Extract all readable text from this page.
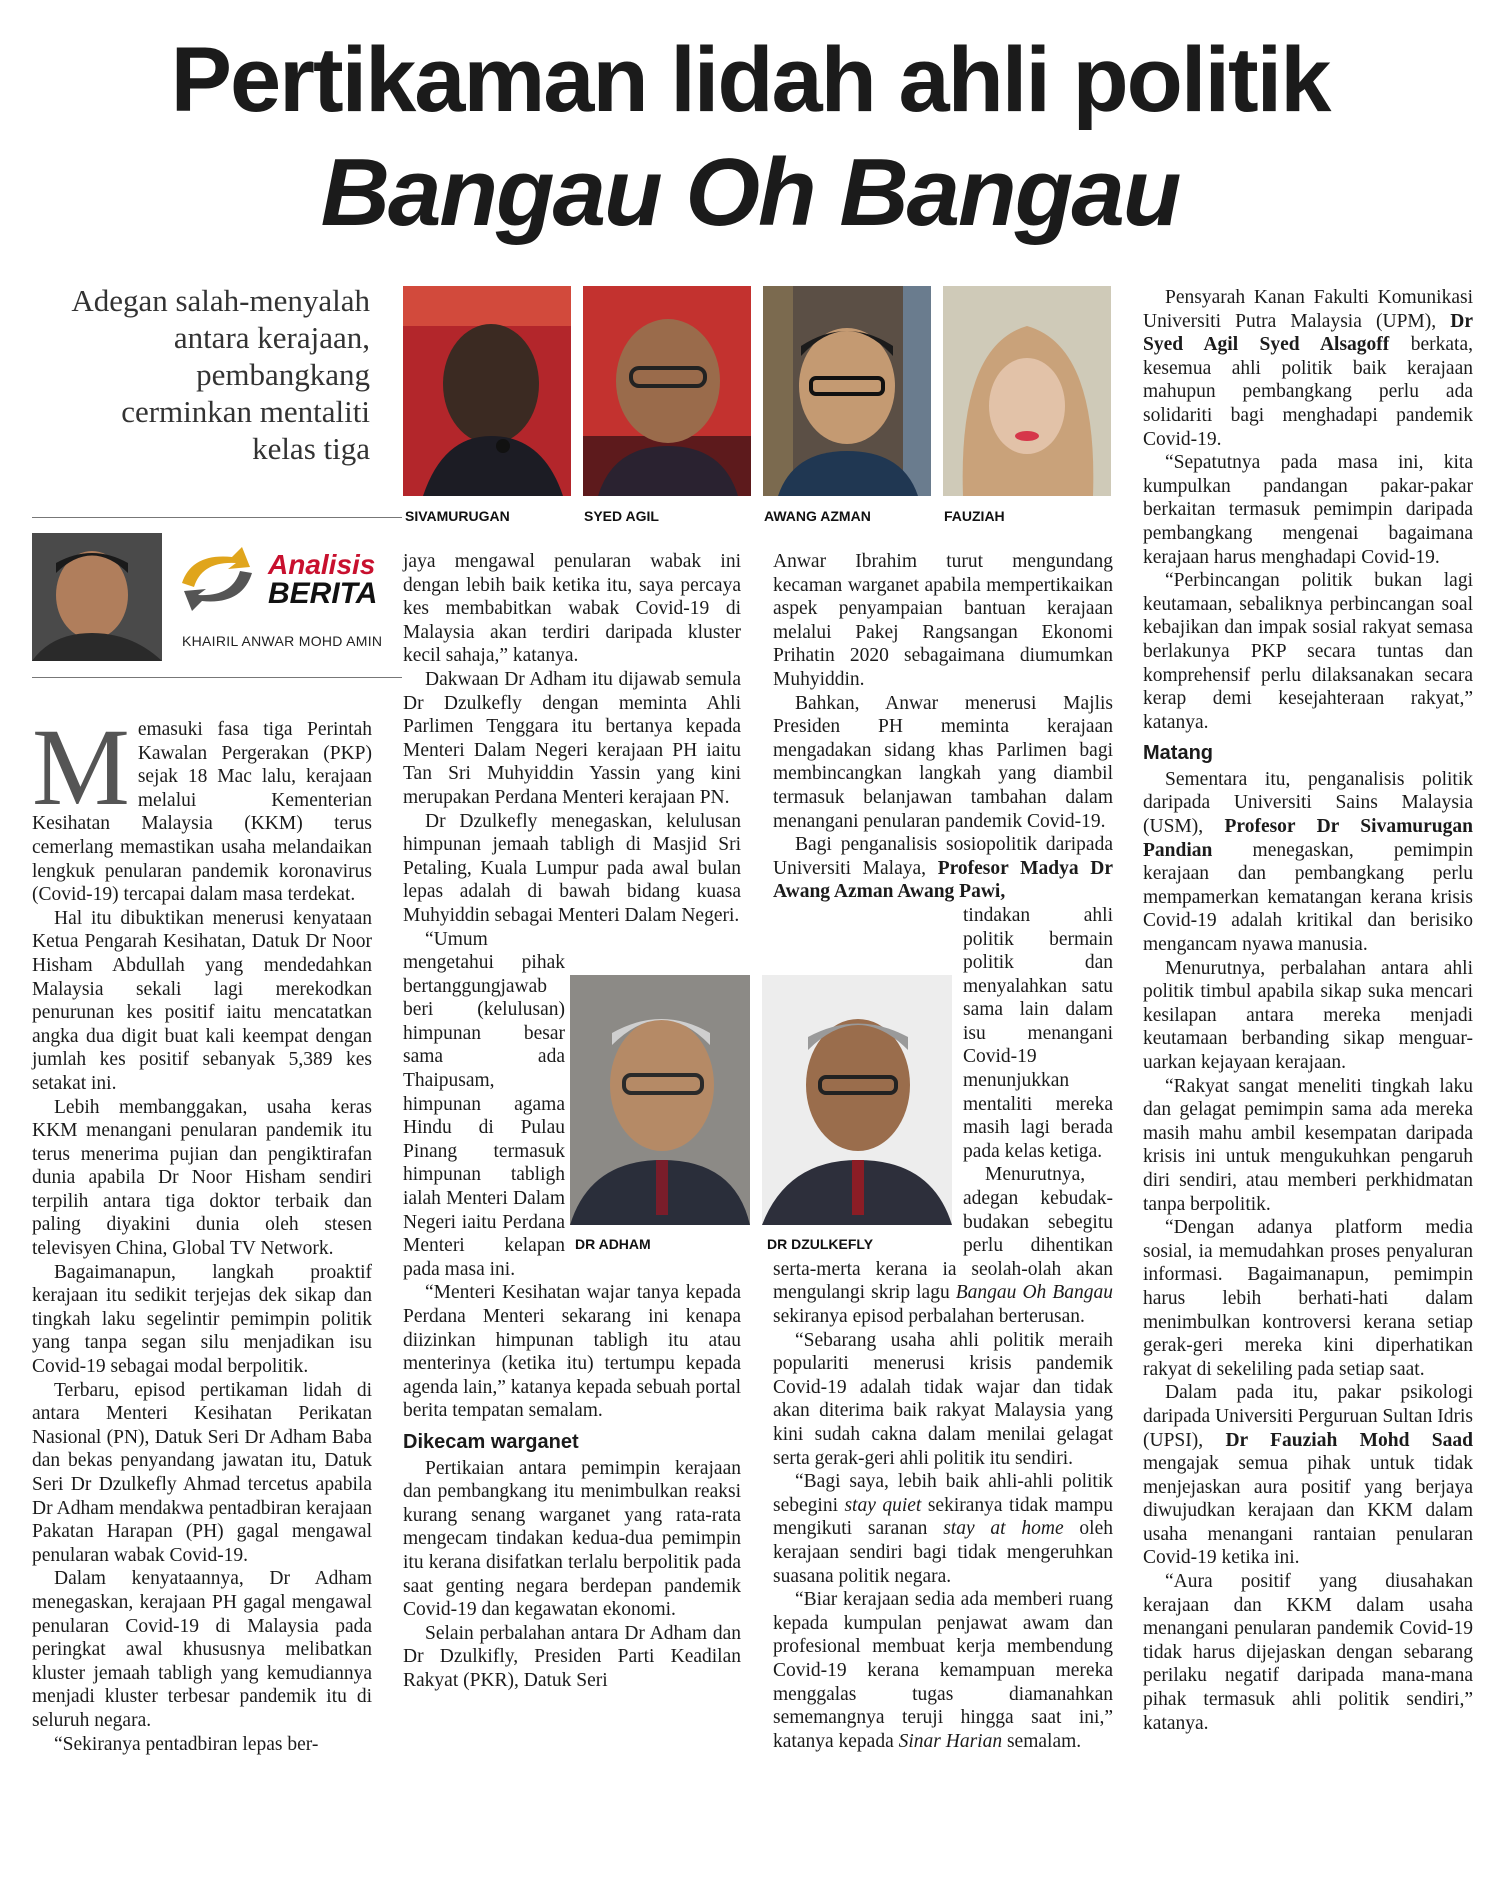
Pertikaman lidah ahli politik
Bangau Oh Bangau
Adegan salah-menyalah antara kerajaan, pembangkang cerminkan mentaliti kelas tiga
SIVAMURUGAN	SYED AGIL	AWANG AZMAN	FAUZIAH
Analisis
BERITA
KHAIRIL ANWAR MOHD AMIN

Memasuki fasa tiga Perintah Kawalan Pergerakan (PKP) sejak 18 Mac lalu, kerajaan melalui Kementerian Kesihatan Malaysia (KKM) terus cemerlang memastikan usaha melandaikan lengkuk penularan pandemik koronavirus (Covid-19) tercapai dalam masa terdekat.

Hal itu dibuktikan menerusi kenyataan Ketua Pengarah Kesihatan, Datuk Dr Noor Hisham Abdullah yang mendedahkan Malaysia sekali lagi merekodkan penurunan kes positif iaitu mencatatkan angka dua digit buat kali keempat dengan jumlah kes positif sebanyak 5,389 kes setakat ini.

Lebih membanggakan, usaha keras KKM menangani penularan pandemik itu terus menerima pujian dan pengiktirafan dunia apabila Dr Noor Hisham sendiri terpilih antara tiga doktor terbaik dan paling diyakini dunia oleh stesen televisyen China, Global TV Network.

Bagaimanapun, langkah proaktif kerajaan itu sedikit terjejas dek sikap dan tingkah laku segelintir pemimpin politik yang tanpa segan silu menjadikan isu Covid-19 sebagai modal berpolitik.

Terbaru, episod pertikaman lidah di antara Menteri Kesihatan Perikatan Nasional (PN), Datuk Seri Dr Adham Baba dan bekas penyandang jawatan itu, Datuk Seri Dr Dzulkefly Ahmad tercetus apabila Dr Adham mendakwa pentadbiran kerajaan Pakatan Harapan (PH) gagal mengawal penularan wabak Covid-19.

Dalam kenyataannya, Dr Adham menegaskan, kerajaan PH gagal mengawal penularan Covid-19 di Malaysia pada peringkat awal khususnya melibatkan kluster jemaah tabligh yang kemudiannya menjadi kluster terbesar pandemik itu di seluruh negara.

“Sekiranya pentadbiran lepas ber-

jaya mengawal penularan wabak ini dengan lebih baik ketika itu, saya percaya kes membabitkan wabak Covid-19 di Malaysia akan terdiri daripada kluster kecil sahaja,” katanya.

Dakwaan Dr Adham itu dijawab semula Dr Dzulkefly dengan meminta Ahli Parlimen Tenggara itu bertanya kepada Menteri Dalam Negeri kerajaan PH iaitu Tan Sri Muhyiddin Yassin yang kini merupakan Perdana Menteri kerajaan PN.

Dr Dzulkefly menegaskan, kelulusan himpunan jemaah tabligh di Masjid Sri Petaling, Kuala Lumpur pada awal bulan lepas adalah di bawah bidang kuasa Muhyiddin sebagai Menteri Dalam Negeri.

“Umum mengetahui pihak bertanggungjawab beri (kelulusan) himpunan besar sama ada Thaipusam, himpunan agama Hindu di Pulau Pinang termasuk himpunan tabligh ialah Menteri Dalam Negeri iaitu Perdana Menteri kelapan pada masa ini.

“Menteri Kesihatan wajar tanya kepada Perdana Menteri sekarang ini kenapa diizinkan himpunan tabligh itu atau menterinya (ketika itu) tertumpu kepada agenda lain,” katanya kepada sebuah portal berita tempatan semalam.

Dikecam warganet

Pertikaian antara pemimpin kerajaan dan pembangkang itu menimbulkan reaksi kurang senang warganet yang rata-rata mengecam tindakan kedua-dua pemimpin itu kerana disifatkan terlalu berpolitik pada saat genting negara berdepan pandemik Covid-19 dan kegawatan ekonomi.

Selain perbalahan antara Dr Adham dan Dr Dzulkifly, Presiden Parti Keadilan Rakyat (PKR), Datuk Seri

DR ADHAM	DR DZULKEFLY

Anwar Ibrahim turut mengundang kecaman warganet apabila mempertikaikan aspek penyampaian bantuan kerajaan melalui Pakej Rangsangan Ekonomi Prihatin 2020 sebagaimana diumumkan Muhyiddin.

Bahkan, Anwar menerusi Majlis Presiden PH meminta kerajaan mengadakan sidang khas Parlimen bagi membincangkan langkah yang diambil termasuk belanjawan tambahan dalam menangani penularan pandemik Covid-19.

Bagi penganalisis sosiopolitik daripada Universiti Malaya, Profesor Madya Dr Awang Azman Awang Pawi,

tindakan ahli politik bermain politik dan menyalahkan satu sama lain dalam isu menangani Covid-19 menunjukkan mentaliti mereka masih lagi berada pada kelas ketiga.

Menurutnya, adegan kebudak-budakan sebegitu perlu dihentikan serta-merta kerana ia seolah-olah akan mengulangi skrip lagu Bangau Oh Bangau sekiranya episod perbalahan berterusan.

“Sebarang usaha ahli politik meraih populariti menerusi krisis pandemik Covid-19 adalah tidak wajar dan tidak akan diterima baik rakyat Malaysia yang kini sudah cakna dalam menilai gelagat serta gerak-geri ahli politik itu sendiri.

“Bagi saya, lebih baik ahli-ahli politik sebegini stay quiet sekiranya tidak mampu mengikuti saranan stay at home oleh kerajaan sendiri bagi tidak mengeruhkan suasana politik negara.

“Biar kerajaan sedia ada memberi ruang kepada kumpulan penjawat awam dan profesional membuat kerja membendung Covid-19 kerana kemampuan mereka menggalas tugas diamanahkan sememangnya teruji hingga saat ini,” katanya kepada Sinar Harian semalam.

Pensyarah Kanan Fakulti Komunikasi Universiti Putra Malaysia (UPM), Dr Syed Agil Syed Alsagoff berkata, kesemua ahli politik baik kerajaan mahupun pembangkang perlu ada solidariti bagi menghadapi pandemik Covid-19.

“Sepatutnya pada masa ini, kita kumpulkan pandangan pakar-pakar berkaitan termasuk pemimpin daripada pembangkang mengenai bagaimana kerajaan harus menghadapi Covid-19.

“Perbincangan politik bukan lagi keutamaan, sebaliknya perbincangan soal kebajikan dan impak sosial rakyat semasa berlakunya PKP secara tuntas dan komprehensif perlu dilaksanakan secara kerap demi kesejahteraan rakyat,” katanya.

Matang

Sementara itu, penganalisis politik daripada Universiti Sains Malaysia (USM), Profesor Dr Sivamurugan Pandian menegaskan, pemimpin kerajaan dan pembangkang perlu mempamerkan kematangan kerana krisis Covid-19 adalah kritikal dan berisiko mengancam nyawa manusia.

Menurutnya, perbalahan antara ahli politik timbul apabila sikap suka mencari kesilapan antara mereka menjadi keutamaan berbanding sikap menguar-uarkan kejayaan kerajaan.

“Rakyat sangat meneliti tingkah laku dan gelagat pemimpin sama ada mereka masih mahu ambil kesempatan daripada krisis ini untuk mengukuhkan pengaruh diri sendiri, atau memberi perkhidmatan tanpa berpolitik.

“Dengan adanya platform media sosial, ia memudahkan proses penyaluran informasi. Bagaimanapun, pemimpin harus lebih berhati-hati dalam menimbulkan kontroversi kerana setiap gerak-geri mereka kini diperhatikan rakyat di sekeliling pada setiap saat.

Dalam pada itu, pakar psikologi daripada Universiti Perguruan Sultan Idris (UPSI), Dr Fauziah Mohd Saad mengajak semua pihak untuk tidak menjejaskan aura positif yang berjaya diwujudkan kerajaan dan KKM dalam usaha menangani rantaian penularan Covid-19 ketika ini.

“Aura positif yang diusahakan kerajaan dan KKM dalam usaha menangani penularan pandemik Covid-19 tidak harus dijejaskan dengan sebarang perilaku negatif daripada mana-mana pihak termasuk ahli politik sendiri,” katanya.
